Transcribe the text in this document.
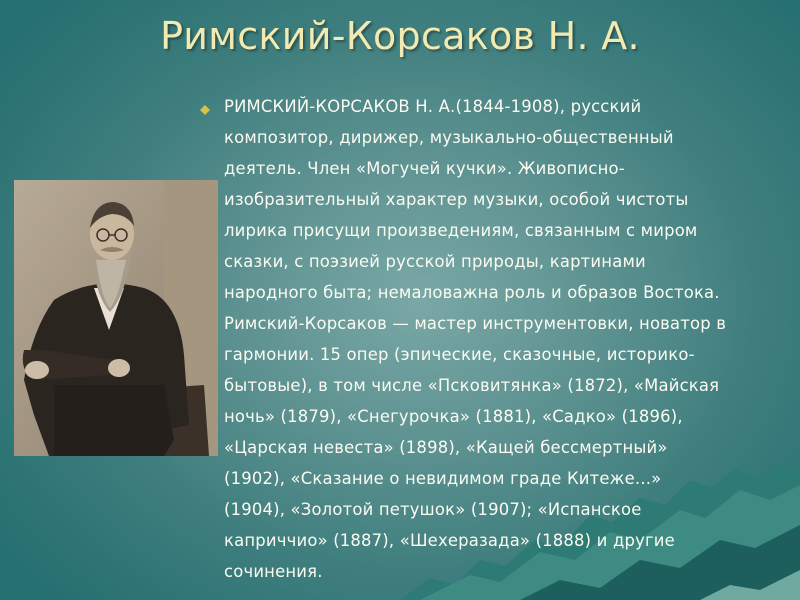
Римский-Корсаков Н. А.
РИМСКИЙ-КОРСАКОВ Н. А.(1844-1908), русский
композитор, дирижер, музыкально-общественный
деятель. Член «Могучей кучки». Живописно-
изобразительный характер музыки, особой чистоты
лирика присущи произведениям, связанным с миром
сказки, с поэзией русской природы, картинами
народного быта; немаловажна роль и образов Востока.
Римский-Корсаков — мастер инструментовки, новатор в
гармонии. 15 опер (эпические, сказочные, историко-
бытовые), в том числе «Псковитянка» (1872), «Майская
ночь» (1879), «Снегурочка» (1881), «Садко» (1896),
«Царская невеста» (1898), «Кащей бессмертный»
(1902), «Сказание о невидимом граде Китеже...»
(1904), «Золотой петушок» (1907); «Испанское
каприччио» (1887), «Шехеразада» (1888) и другие
сочинения.
